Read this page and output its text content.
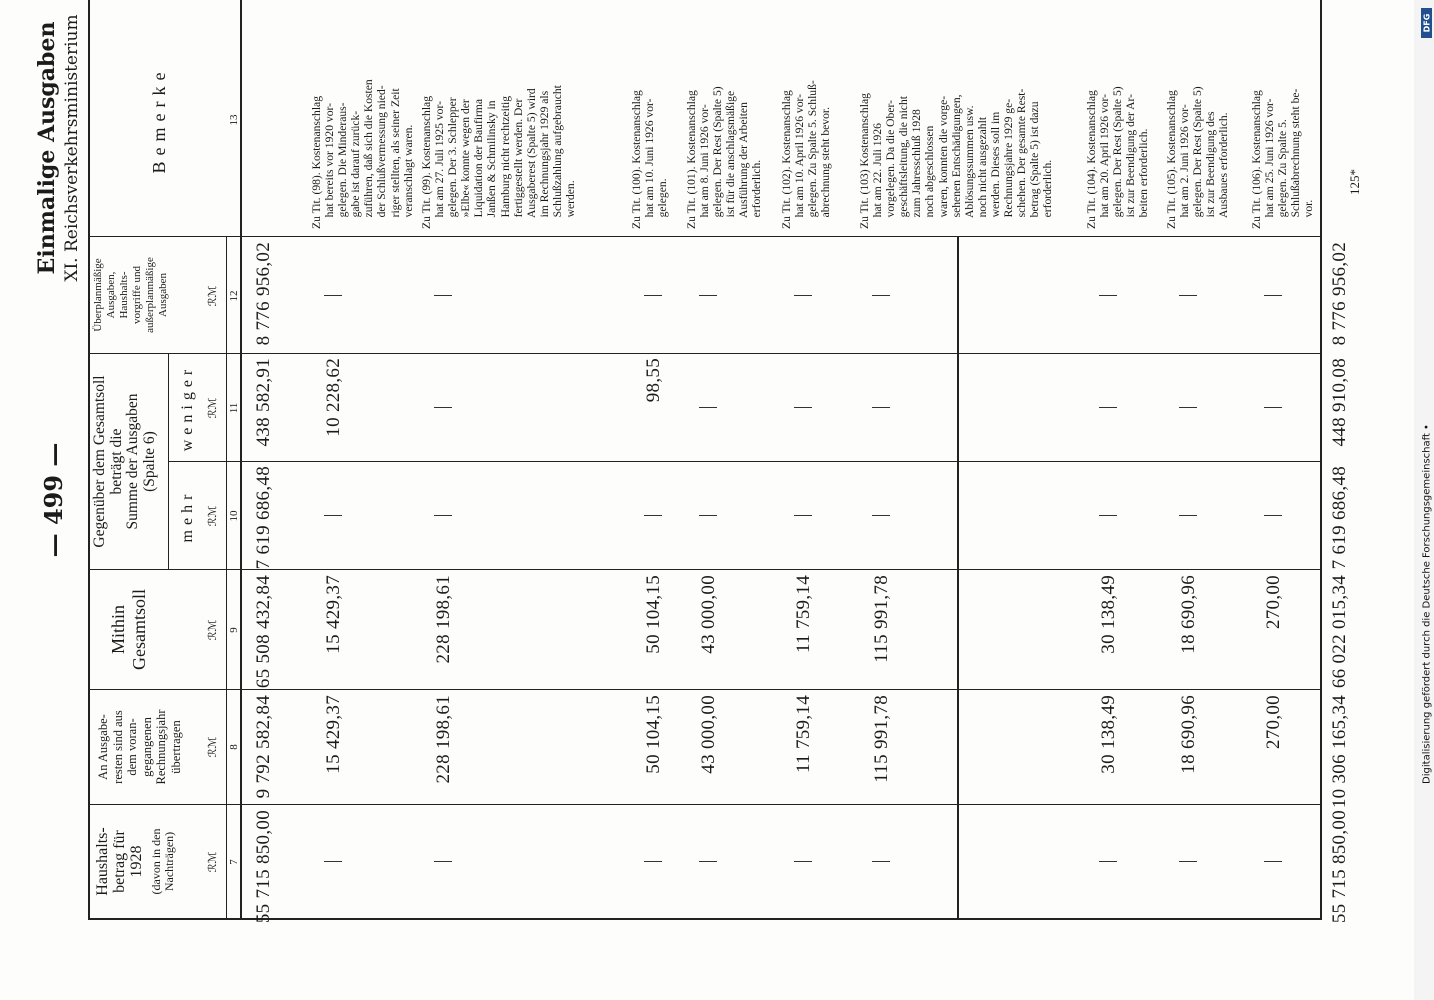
— 499 —
Einmalige Ausgaben XI. Reichsverkehrsministerium
Haushalts-
betrag für
1928 (davon in den
Nachträgen)
An Ausgabe-
resten sind aus
dem voran-
gegangenen
Rechnungsjahr
übertragen
Mithin
Gesamtsoll
Gegenüber dem Gesamtsoll
beträgt die
Summe der Ausgaben
(Spalte 6)
mehr
weniger
Überplanmäßige
Ausgaben,
Haushalts-
vorgriffe und
außerplanmäßige
Ausgaben
Bemerke
ℛℳ
ℛℳ
ℛℳ
ℛℳ
ℛℳ
ℛℳ
7
8
9
10
11
12
13
55 715 850,00
9 792 582,84
65 508 432,84
7 619 686,48
438 582,91
8 776 956,02
15 429,37
15 429,37
10 228,62
Zu Tit. (98). Kostenanschlag
hat bereits vor 1920 vor-
gelegen. Die Minderaus-
gabe ist darauf zurück-
zuführen, daß sich die Kosten
der Schlußvermessung nied-
riger stellten, als seiner Zeit
veranschlagt waren.
228 198,61
228 198,61
Zu Tit. (99). Kostenanschlag
hat am 27. Juli 1925 vor-
gelegen. Der 3. Schlepper
»Elbe« konnte wegen der
Liquidation der Baufirma
Janßen & Schmilinsky in
Hamburg nicht rechtzeitig
fertiggestellt werden. Der
Ausgaberest (Spalte 5) wird
im Rechnungsjahr 1929 als
Schlußzahlung aufgebraucht
werden.
50 104,15
50 104,15
98,55
Zu Tit. (100). Kostenanschlag
hat am 10. Juni 1926 vor-
gelegen.
43 000,00
43 000,00
Zu Tit. (101). Kostenanschlag
hat am 8. Juni 1926 vor-
gelegen. Der Rest (Spalte 5)
ist für die anschlagsmäßige
Ausführung der Arbeiten
erforderlich.
11 759,14
11 759,14
Zu Tit. (102). Kostenanschlag
hat am 10. April 1926 vor-
gelegen. Zu Spalte 5. Schluß-
abrechnung steht bevor.
115 991,78
115 991,78
Zu Tit. (103) Kostenanschlag
hat am 22. Juli 1926
vorgelegen. Da die Ober-
geschäftsleitung, die nicht
zum Jahresschluß 1928
noch abgeschlossen
waren, konnten die vorge-
sehenen Entschädigungen,
Ablösungssummen usw.
noch nicht ausgezahlt
werden. Dieses soll im
Rechnungsjahre 1929 ge-
schehen. Der gesamte Rest-
betrag (Spalte 5) ist dazu
erforderlich.
30 138,49
30 138,49
Zu Tit. (104). Kostenanschlag
hat am 20. April 1926 vor-
gelegen. Der Rest (Spalte 5)
ist zur Beendigung der Ar-
beiten erforderlich.
18 690,96
18 690,96
Zu Tit. (105). Kostenanschlag
hat am 2. Juni 1926 vor-
gelegen. Der Rest (Spalte 5)
ist zur Beendigung des
Ausbaues erforderlich.
270,00
270,00
Zu Tit. (106). Kostenanschlag
hat am 25. Juni 1926 vor-
gelegen. Zu Spalte 5.
Schlußabrechnung steht be-
vor.
55 715 850,00
10 306 165,34
66 022 015,34
7 619 686,48
448 910,08
8 776 956,02
125*
DFG
Digitalisierung gefördert durch die Deutsche Forschungsgemeinschaft •
